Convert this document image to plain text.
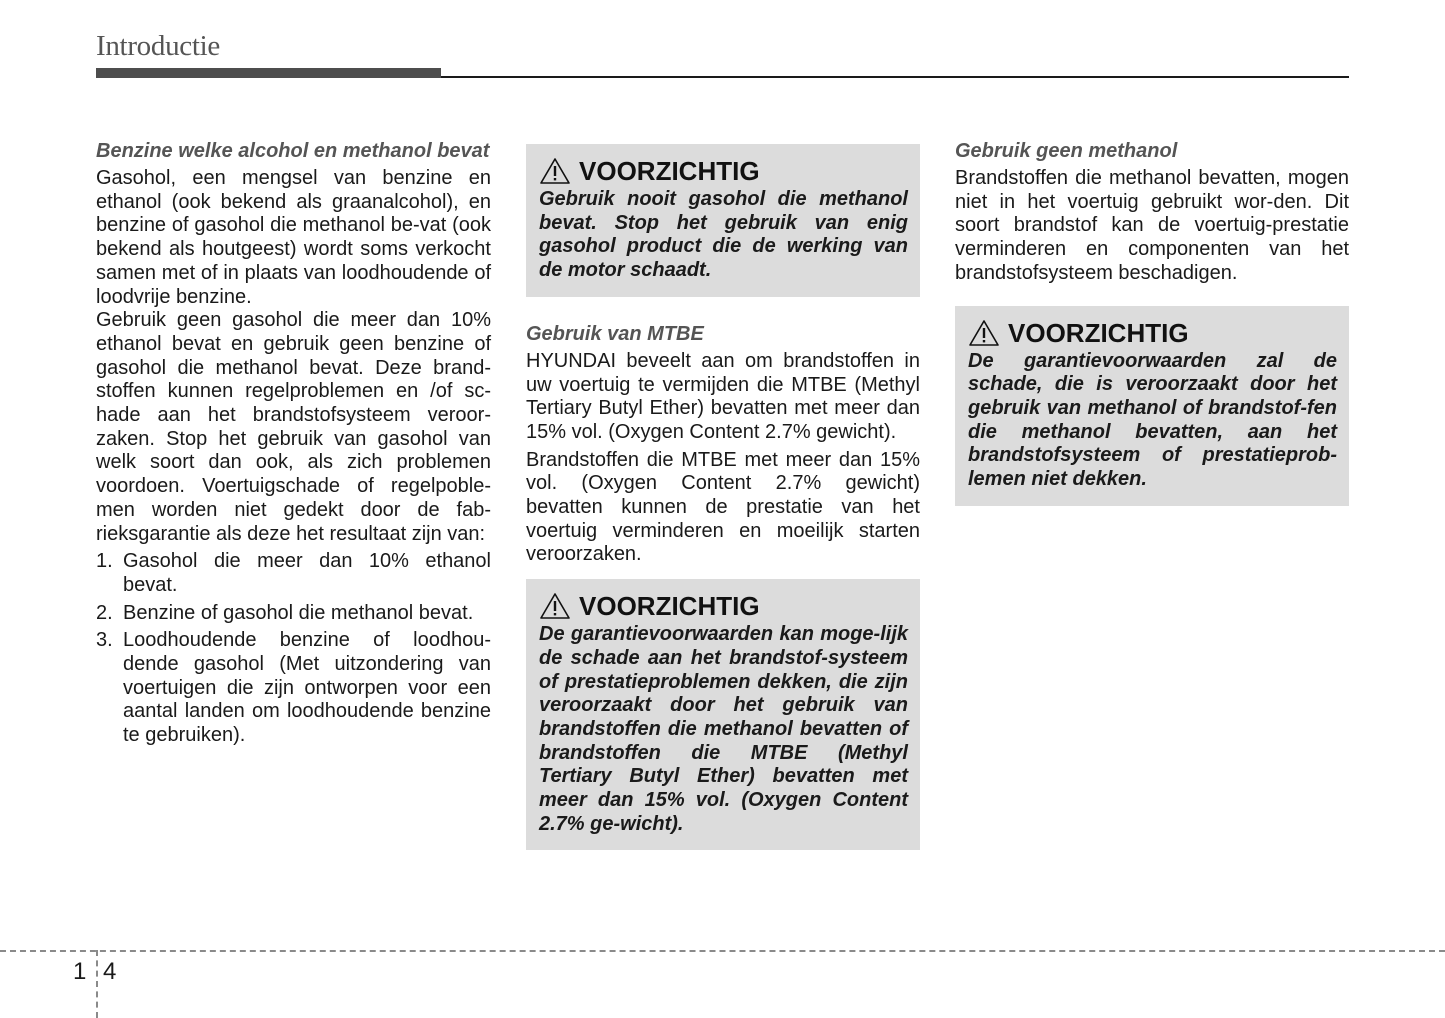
Introductie
Benzine welke alcohol en methanol bevat

Gasohol, een mengsel van benzine en ethanol (ook bekend als graanalcohol), en benzine of gasohol die methanol be-vat (ook bekend als houtgeest) wordt soms verkocht samen met of in plaats van loodhoudende of loodvrije benzine.

Gebruik geen gasohol die meer dan 10% ethanol bevat en gebruik geen benzine of gasohol die methanol bevat. Deze brand-stoffen kunnen regelproblemen en /of sc-hade aan het brandstofsysteem veroor-zaken. Stop het gebruik van gasohol van welk soort dan ook, als zich problemen voordoen. Voertuigschade of regelpoble-men worden niet gedekt door de fab-rieksgarantie als deze het resultaat zijn van:

1. Gasohol die meer dan 10% ethanol bevat.
2. Benzine of gasohol die methanol bevat.
3. Loodhoudende benzine of loodhou-dende gasohol (Met uitzondering van voertuigen die zijn ontworpen voor een aantal landen om loodhoudende benzine te gebruiken).
VOORZICHTIG

Gebruik nooit gasohol die methanol bevat. Stop het gebruik van enig gasohol product die de werking van de motor schaadt.

Gebruik van MTBE

HYUNDAI beveelt aan om brandstoffen in uw voertuig te vermijden die MTBE (Methyl Tertiary Butyl Ether) bevatten met meer dan 15% vol. (Oxygen Content 2.7% gewicht).

Brandstoffen die MTBE met meer dan 15% vol. (Oxygen Content 2.7% gewicht) bevatten kunnen de prestatie van het voertuig verminderen en moeilijk starten veroorzaken.

VOORZICHTIG

De garantievoorwaarden kan moge-lijk de schade aan het brandstof-systeem of prestatieproblemen dekken, die zijn veroorzaakt door het gebruik van brandstoffen die methanol bevatten of brandstoffen die MTBE (Methyl Tertiary Butyl Ether) bevatten met meer dan 15% vol. (Oxygen Content 2.7% ge-wicht).

Gebruik geen methanol

Brandstoffen die methanol bevatten, mogen niet in het voertuig gebruikt wor-den. Dit soort brandstof kan de voertuig-prestatie verminderen en componenten van het brandstofsysteem beschadigen.

VOORZICHTIG

De garantievoorwaarden zal de schade, die is veroorzaakt door het gebruik van methanol of brandstof-fen die methanol bevatten, aan het brandstofsysteem of prestatieprob-lemen niet dekken.

1 4
